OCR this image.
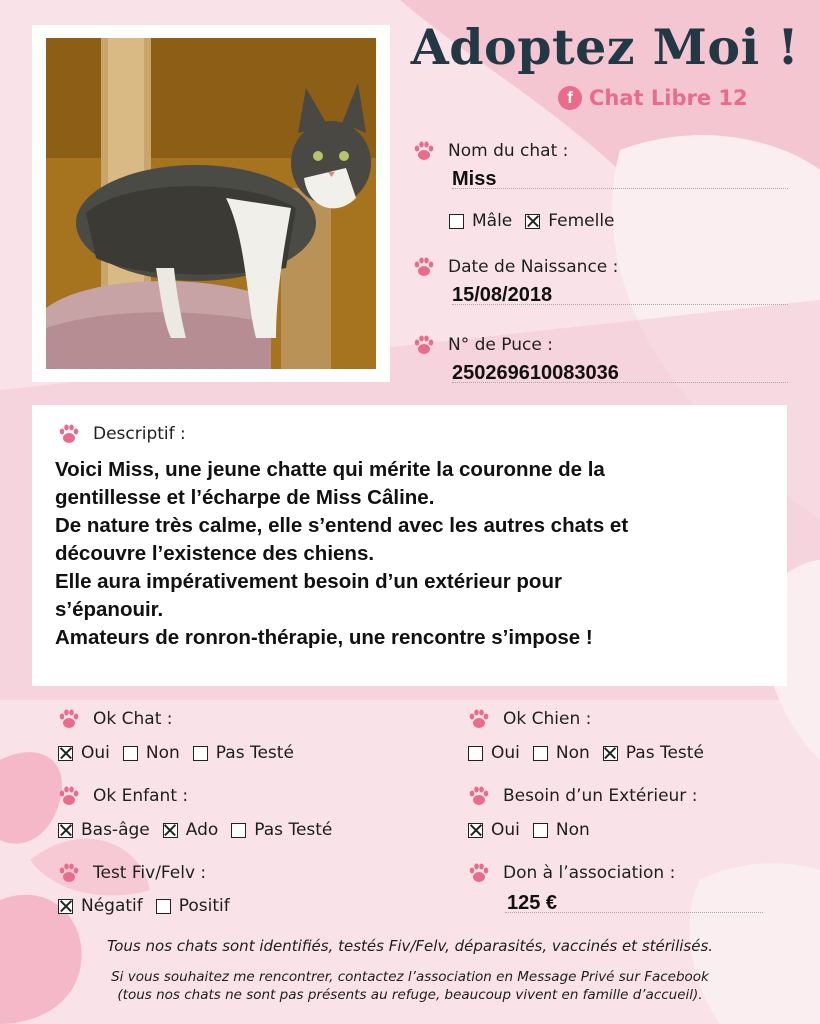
Adoptez Moi !
f Chat Libre 12
Nom du chat :
Miss
Mâle Femelle
Date de Naissance :
15/08/2018
N° de Puce :
250269610083036
Descriptif :
Voici Miss, une jeune chatte qui mérite la couronne de la
gentillesse et l’écharpe de Miss Câline.
De nature très calme, elle s’entend avec les autres chats et
découvre l’existence des chiens.
Elle aura impérativement besoin d’un extérieur pour
s’épanouir.
Amateurs de ronron-thérapie, une rencontre s’impose !
Ok Chat :
Oui Non Pas Testé
Ok Chien :
Oui Non Pas Testé
Ok Enfant :
Bas-âge Ado Pas Testé
Besoin d’un Extérieur :
Oui Non
Test Fiv/Felv :
Négatif Positif
Don à l’association :
125 €
Tous nos chats sont identifiés, testés Fiv/Felv, déparasités, vaccinés et stérilisés.
Si vous souhaitez me rencontrer, contactez l’association en Message Privé sur Facebook
(tous nos chats ne sont pas présents au refuge, beaucoup vivent en famille d’accueil).
